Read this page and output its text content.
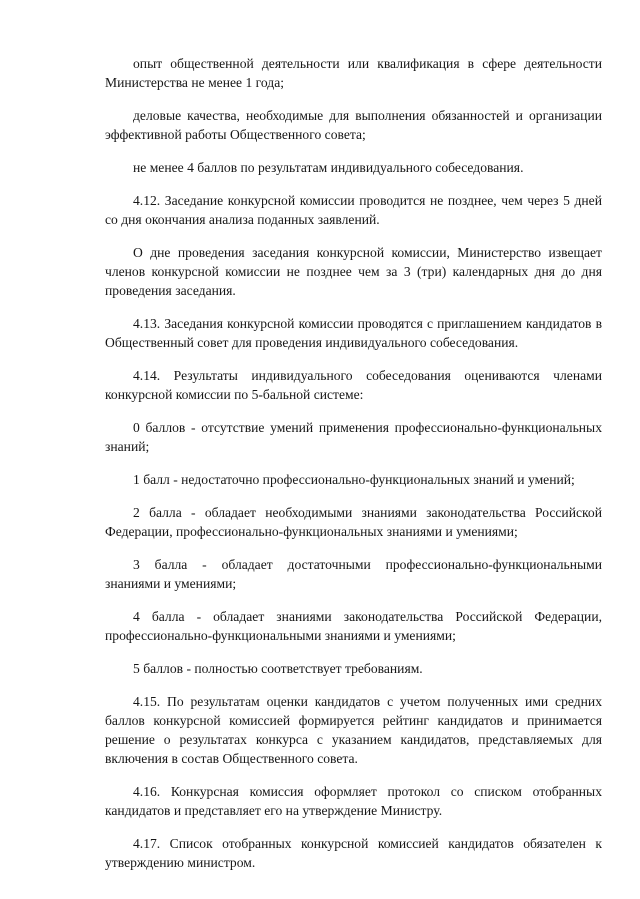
опыт общественной деятельности или квалификация в сфере деятельности Министерства не менее 1 года;

деловые качества, необходимые для выполнения обязанностей и организации эффективной работы Общественного совета;

не менее 4 баллов по результатам индивидуального собеседования.

4.12. Заседание конкурсной комиссии проводится не позднее, чем через 5 дней со дня окончания анализа поданных заявлений.

О дне проведения заседания конкурсной комиссии, Министерство извещает членов конкурсной комиссии не позднее чем за 3 (три) календарных дня до дня проведения заседания.

4.13. Заседания конкурсной комиссии проводятся с приглашением кандидатов в Общественный совет для проведения индивидуального собеседования.

4.14. Результаты индивидуального собеседования оцениваются членами конкурсной комиссии по 5-бальной системе:

0 баллов - отсутствие умений применения профессионально-функциональных знаний;

1 балл - недостаточно профессионально-функциональных знаний и умений;

2 балла - обладает необходимыми знаниями законодательства Российской Федерации, профессионально-функциональных знаниями и умениями;

3 балла - обладает достаточными профессионально-функциональными знаниями и умениями;

4 балла - обладает знаниями законодательства Российской Федерации, профессионально-функциональными знаниями и умениями;

5 баллов - полностью соответствует требованиям.

4.15. По результатам оценки кандидатов с учетом полученных ими средних баллов конкурсной комиссией формируется рейтинг кандидатов и принимается решение о результатах конкурса с указанием кандидатов, представляемых для включения в состав Общественного совета.

4.16. Конкурсная комиссия оформляет протокол со списком отобранных кандидатов и представляет его на утверждение Министру.

4.17. Список отобранных конкурсной комиссией кандидатов обязателен к утверждению министром.
